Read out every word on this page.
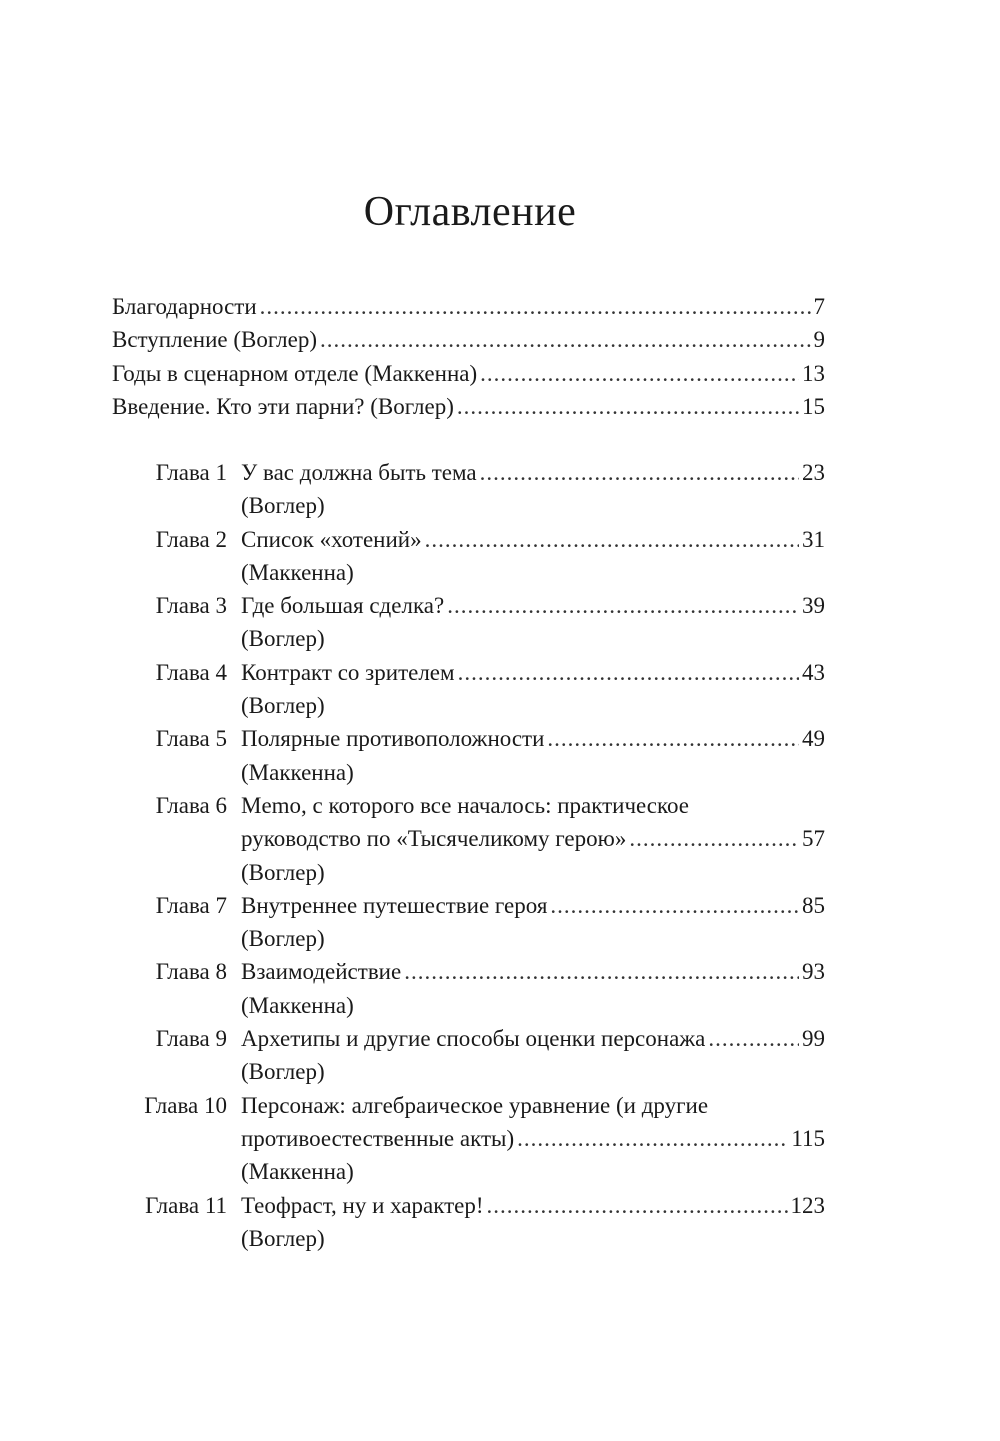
Оглавление
Благодарности .....	7
Вступление (Воглер) .....	9
Годы в сценарном отделе (Маккенна) .....	13
Введение. Кто эти парни? (Воглер) .....	15
Глава 1 У вас должна быть тема .....	23
(Воглер)
Глава 2 Список «хотений» .....	31
(Маккенна)
Глава 3 Где большая сделка? .....	39
(Воглер)
Глава 4 Контракт со зрителем .....	43
(Воглер)
Глава 5 Полярные противоположности .....	49
(Маккенна)
Глава 6 Memo, с которого все началось: практическое
руководство по «Тысячеликому герою» .....	57
(Воглер)
Глава 7 Внутреннее путешествие героя .....	85
(Воглер)
Глава 8 Взаимодействие .....	93
(Маккенна)
Глава 9 Архетипы и другие способы оценки персонажа .....	99
(Воглер)
Глава 10 Персонаж: алгебраическое уравнение (и другие
противоестественные акты) .....	115
(Маккенна)
Глава 11 Теофраст, ну и характер! .....	123
(Воглер)
